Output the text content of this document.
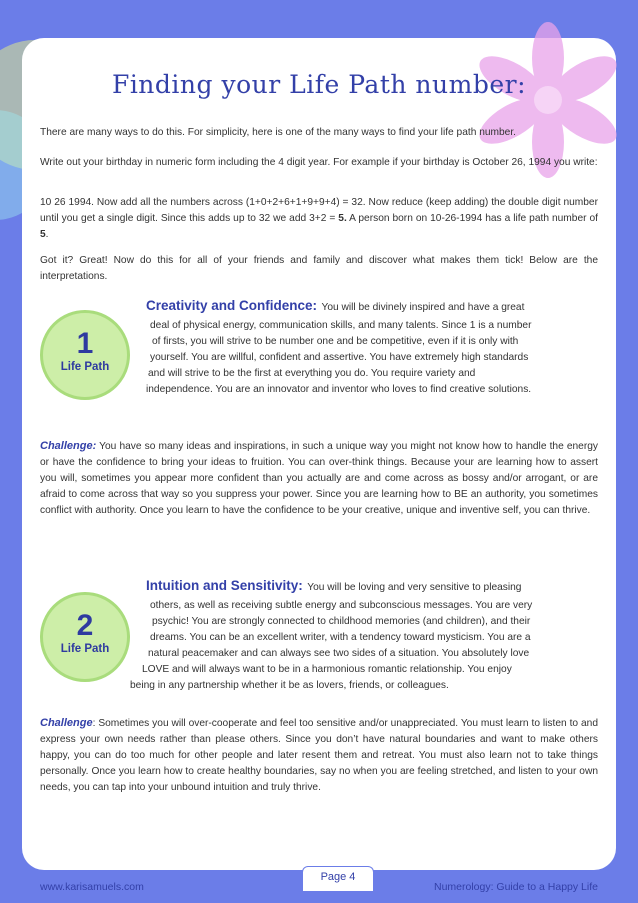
Finding your Life Path number:

There are many ways to do this. For simplicity, here is one of the many ways to find your life path number.

Write out your birthday in numeric form including the 4 digit year. For example if your birthday is October 26, 1994 you write:

10 26 1994. Now add all the numbers across (1+0+2+6+1+9+9+4) = 32. Now reduce (keep adding) the double digit number until you get a single digit. Since this adds up to 32 we add 3+2 = 5. A person born on 10-26-1994 has a life path number of 5.

Got it? Great! Now do this for all of your friends and family and discover what makes them tick! Below are the interpretations.

1
Life Path
Creativity and Confidence: You will be divinely inspired and have a great
deal of physical energy, communication skills, and many talents. Since 1 is a number
of firsts, you will strive to be number one and be competitive, even if it is only with
yourself. You are willful, confident and assertive. You have extremely high standards
and will strive to be the first at everything you do. You require variety and
independence. You are an innovator and inventor who loves to find creative solutions.

Challenge: You have so many ideas and inspirations, in such a unique way you might not know how to handle the energy or have the confidence to bring your ideas to fruition. You can over-think things. Because your are learning how to assert you will, sometimes you appear more confident than you actually are and come across as bossy and/or arrogant, or are afraid to come across that way so you suppress your power. Since you are learning how to BE an authority, you sometimes conflict with authority. Once you learn to have the confidence to be your creative, unique and inventive self, you can thrive.

2
Life Path
Intuition and Sensitivity: You will be loving and very sensitive to pleasing
others, as well as receiving subtle energy and subconscious messages. You are very
psychic! You are strongly connected to childhood memories (and children), and their
dreams. You can be an excellent writer, with a tendency toward mysticism. You are a
natural peacemaker and can always see two sides of a situation. You absolutely love
LOVE and will always want to be in a harmonious romantic relationship. You enjoy
being in any partnership whether it be as lovers, friends, or colleagues.

Challenge: Sometimes you will over-cooperate and feel too sensitive and/or unappreciated. You must learn to listen to and express your own needs rather than please others. Since you don’t have natural boundaries and want to make others happy, you can do too much for other people and later resent them and retreat. You must also learn not to take things personally. Once you learn how to create healthy boundaries, say no when you are feeling stretched, and listen to your own needs, you can tap into your unbound intuition and truly thrive.

Page 4
www.karisamuels.com	Numerology: Guide to a Happy Life
